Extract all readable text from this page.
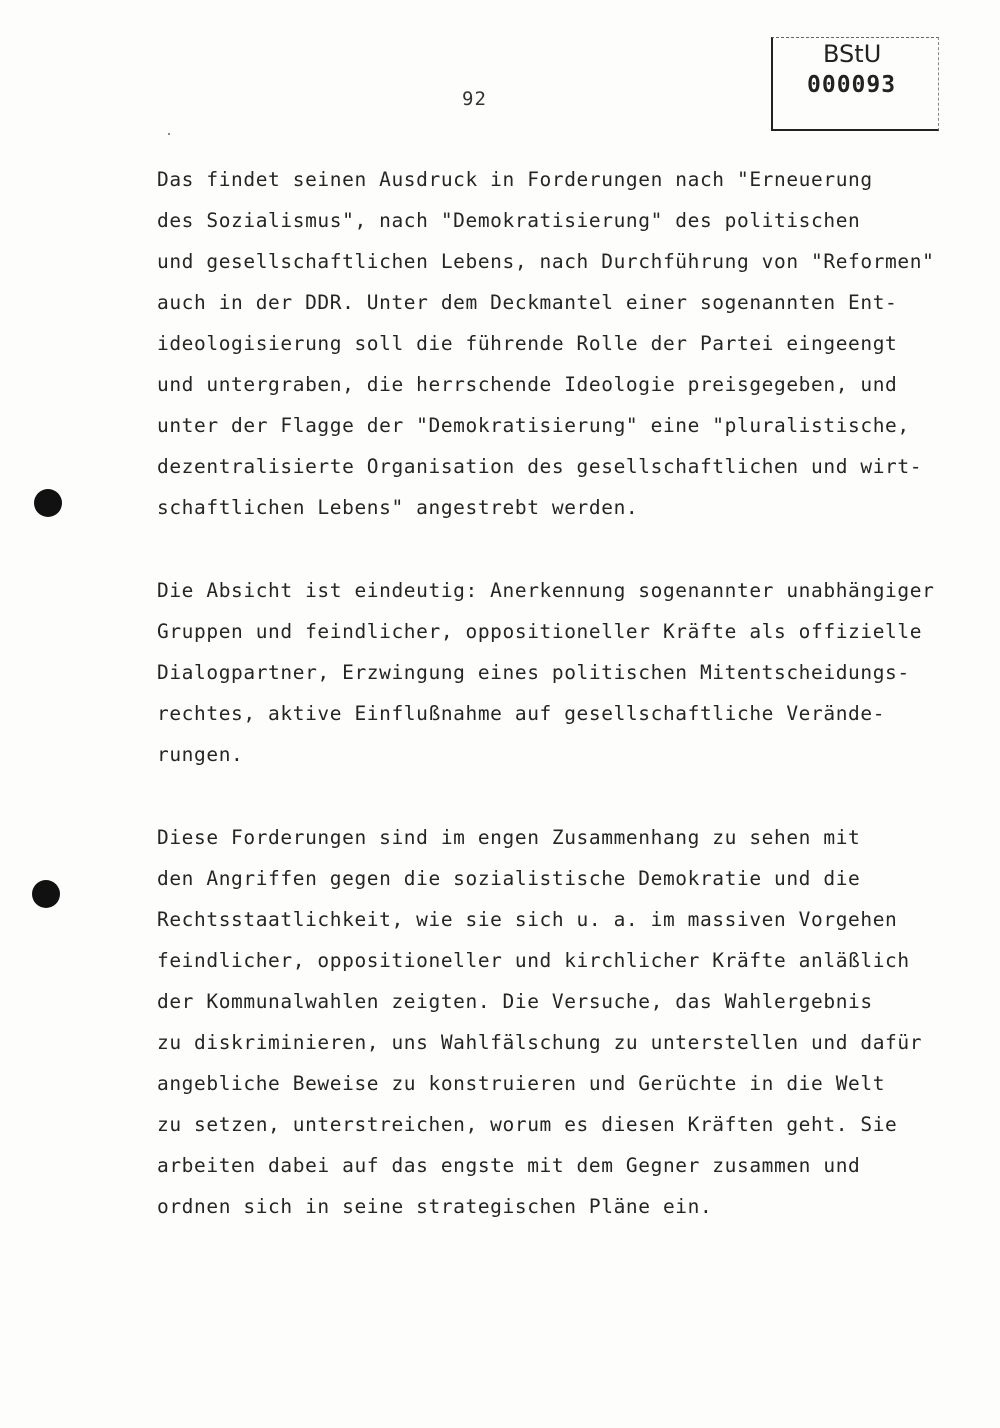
92
BStU
000093
Das findet seinen Ausdruck in Forderungen nach "Erneuerung
des Sozialismus", nach "Demokratisierung" des politischen
und gesellschaftlichen Lebens, nach Durchführung von "Reformen"
auch in der DDR. Unter dem Deckmantel einer sogenannten Ent-
ideologisierung soll die führende Rolle der Partei eingeengt
und untergraben, die herrschende Ideologie preisgegeben, und
unter der Flagge der "Demokratisierung" eine "pluralistische,
dezentralisierte Organisation des gesellschaftlichen und wirt-
schaftlichen Lebens" angestrebt werden.
Die Absicht ist eindeutig: Anerkennung sogenannter unabhängiger
Gruppen und feindlicher, oppositioneller Kräfte als offizielle
Dialogpartner, Erzwingung eines politischen Mitentscheidungs-
rechtes, aktive Einflußnahme auf gesellschaftliche Verände-
rungen.
Diese Forderungen sind im engen Zusammenhang zu sehen mit
den Angriffen gegen die sozialistische Demokratie und die
Rechtsstaatlichkeit, wie sie sich u. a. im massiven Vorgehen
feindlicher, oppositioneller und kirchlicher Kräfte anläßlich
der Kommunalwahlen zeigten. Die Versuche, das Wahlergebnis
zu diskriminieren, uns Wahlfälschung zu unterstellen und dafür
angebliche Beweise zu konstruieren und Gerüchte in die Welt
zu setzen, unterstreichen, worum es diesen Kräften geht. Sie
arbeiten dabei auf das engste mit dem Gegner zusammen und
ordnen sich in seine strategischen Pläne ein.
